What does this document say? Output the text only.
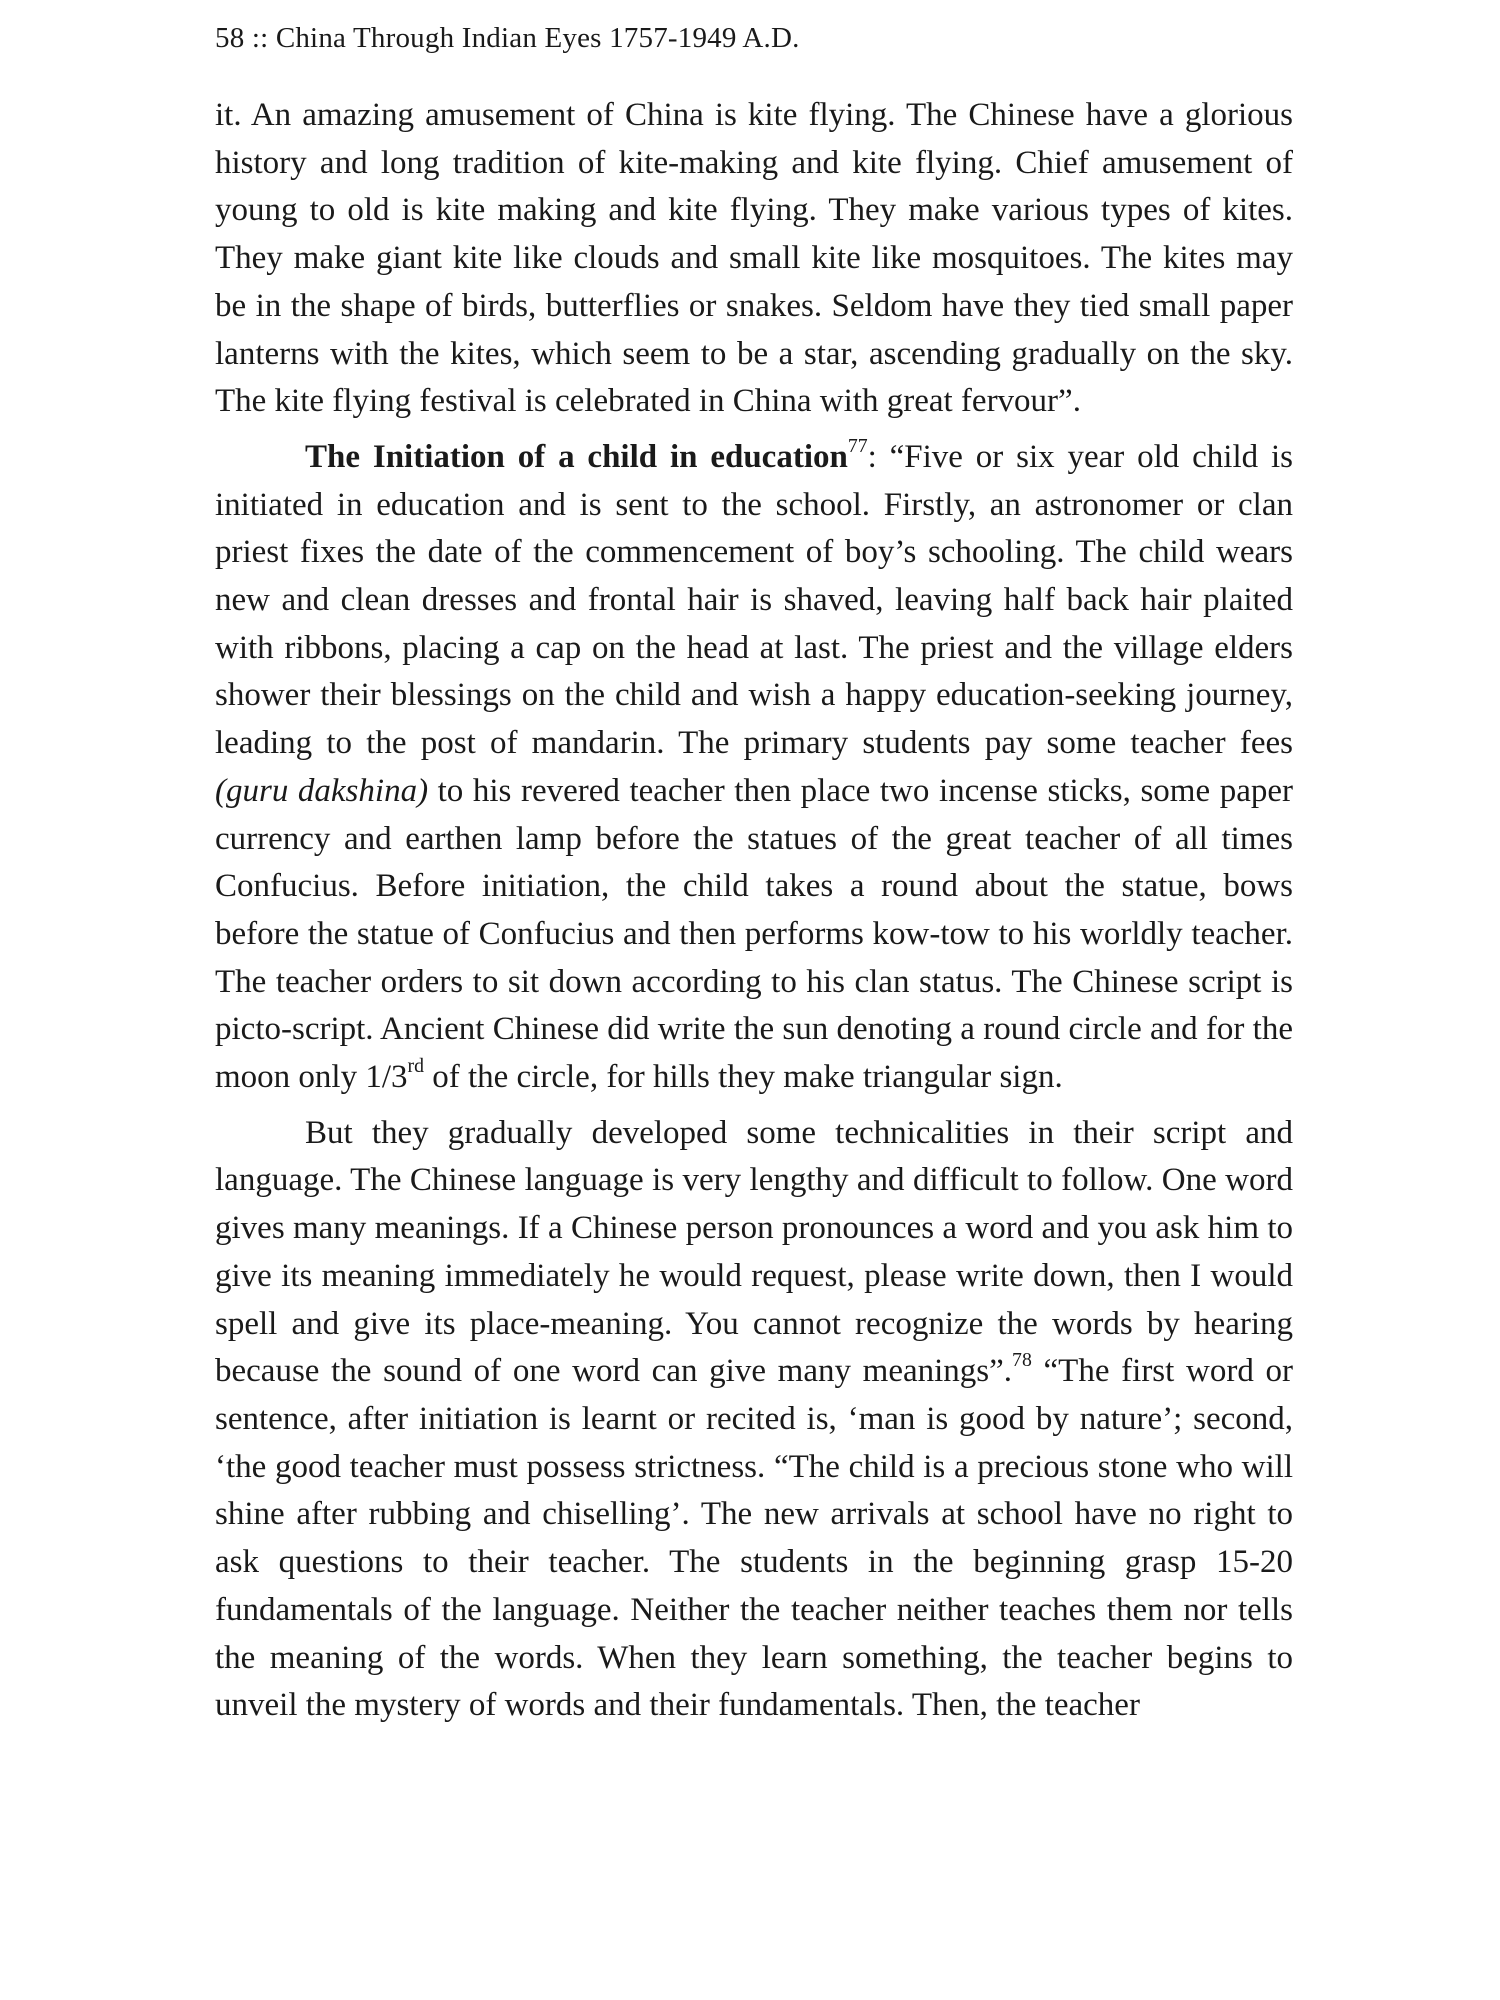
58 :: China Through Indian Eyes 1757-1949 A.D.

it. An amazing amusement of China is kite flying. The Chinese have a glorious history and long tradition of kite-making and kite flying. Chief amusement of young to old is kite making and kite flying. They make various types of kites. They make giant kite like clouds and small kite like mosquitoes. The kites may be in the shape of birds, butterflies or snakes. Seldom have they tied small paper lanterns with the kites, which seem to be a star, ascending gradually on the sky. The kite flying festival is celebrated in China with great fervour”.

The Initiation of a child in education$^{77}$: “Five or six year old child is initiated in education and is sent to the school. Firstly, an astronomer or clan priest fixes the date of the commencement of boy’s schooling. The child wears new and clean dresses and frontal hair is shaved, leaving half back hair plaited with ribbons, placing a cap on the head at last. The priest and the village elders shower their blessings on the child and wish a happy education-seeking journey, leading to the post of mandarin. The primary students pay some teacher fees (guru dakshina) to his revered teacher then place two incense sticks, some paper currency and earthen lamp before the statues of the great teacher of all times Confucius. Before initiation, the child takes a round about the statue, bows before the statue of Confucius and then performs kow-tow to his worldly teacher. The teacher orders to sit down according to his clan status. The Chinese script is picto-script. Ancient Chinese did write the sun denoting a round circle and for the moon only 1/3rd of the circle, for hills they make triangular sign.

But they gradually developed some technicalities in their script and language. The Chinese language is very lengthy and difficult to follow. One word gives many meanings. If a Chinese person pronounces a word and you ask him to give its meaning immediately he would request, please write down, then I would spell and give its place-meaning. You cannot recognize the words by hearing because the sound of one word can give many meanings”.$^{78}$ “The first word or sentence, after initiation is learnt or recited is, ‘man is good by nature’; second, ‘the good teacher must possess strictness. “The child is a precious stone who will shine after rubbing and chiselling’. The new arrivals at school have no right to ask questions to their teacher. The students in the beginning grasp 15-20 fundamentals of the language. Neither the teacher neither teaches them nor tells the meaning of the words. When they learn something, the teacher begins to unveil the mystery of words and their fundamentals. Then, the teacher
